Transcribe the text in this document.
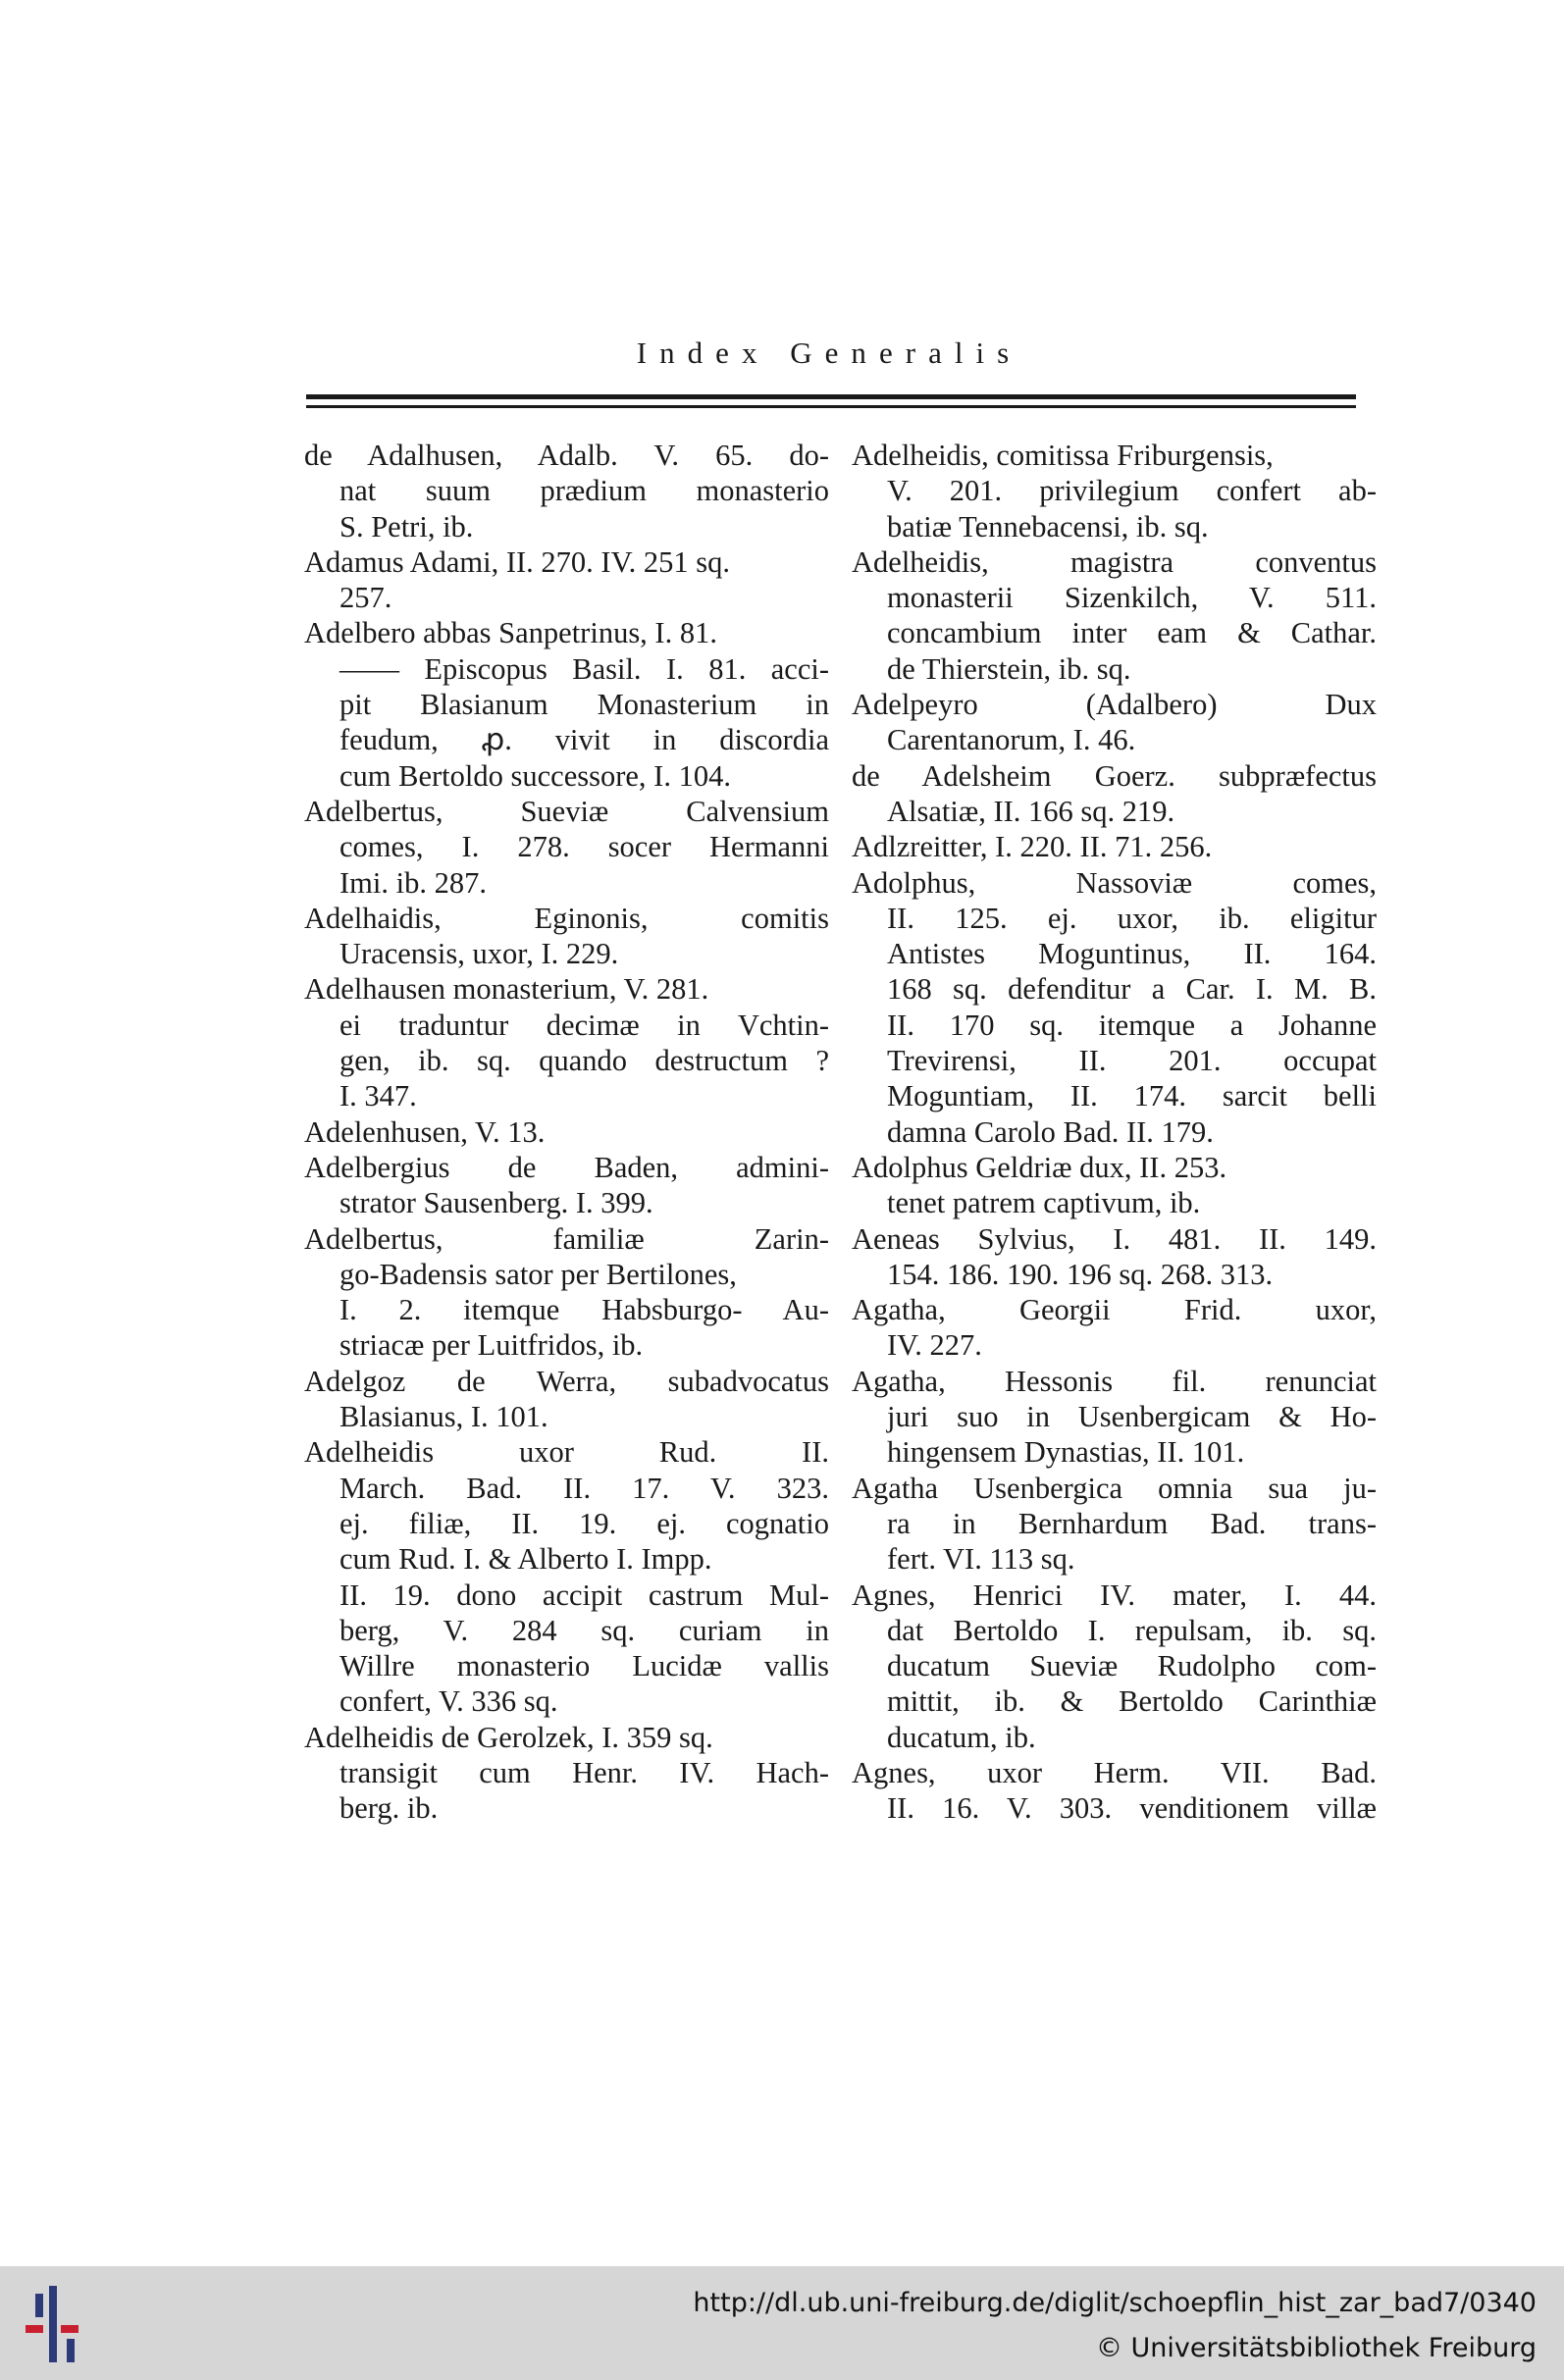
Index Generalis
de Adalhusen, Adalb. V. 65. do-
nat suum prædium monasterio
S. Petri, ib.
Adamus Adami, II. 270. IV. 251 sq.
257.
Adelbero abbas Sanpetrinus, I. 81.
—— Episcopus Basil. I. 81. acci-
pit Blasianum Monasterium in
feudum, ꝓ. vivit in discordia
cum Bertoldo successore, I. 104.
Adelbertus, Sueviæ Calvensium
comes, I. 278. socer Hermanni
Imi. ib. 287.
Adelhaidis, Eginonis, comitis
Uracensis, uxor, I. 229.
Adelhausen monasterium, V. 281.
ei traduntur decimæ in Vchtin-
gen, ib. sq. quando destructum ?
I. 347.
Adelenhusen, V. 13.
Adelbergius de Baden, admini-
strator Sausenberg. I. 399.
Adelbertus, familiæ Zarin-
go-Badensis sator per Bertilones,
I. 2. itemque Habsburgo- Au-
striacæ per Luitfridos, ib.
Adelgoz de Werra, subadvocatus
Blasianus, I. 101.
Adelheidis uxor Rud. II.
March. Bad. II. 17. V. 323.
ej. filiæ, II. 19. ej. cognatio
cum Rud. I. & Alberto I. Impp.
II. 19. dono accipit castrum Mul-
berg, V. 284 sq. curiam in
Willre monasterio Lucidæ vallis
confert, V. 336 sq.
Adelheidis de Gerolzek, I. 359 sq.
transigit cum Henr. IV. Hach-
berg. ib.
Adelheidis, comitissa Friburgensis,
V. 201. privilegium confert ab-
batiæ Tennebacensi, ib. sq.
Adelheidis, magistra conventus
monasterii Sizenkilch, V. 511.
concambium inter eam & Cathar.
de Thierstein, ib. sq.
Adelpeyro (Adalbero) Dux
Carentanorum, I. 46.
de Adelsheim Goerz. subpræfectus
Alsatiæ, II. 166 sq. 219.
Adlzreitter, I. 220. II. 71. 256.
Adolphus, Nassoviæ comes,
II. 125. ej. uxor, ib. eligitur
Antistes Moguntinus, II. 164.
168 sq. defenditur a Car. I. M. B.
II. 170 sq. itemque a Johanne
Trevirensi, II. 201. occupat
Moguntiam, II. 174. sarcit belli
damna Carolo Bad. II. 179.
Adolphus Geldriæ dux, II. 253.
tenet patrem captivum, ib.
Aeneas Sylvius, I. 481. II. 149.
154. 186. 190. 196 sq. 268. 313.
Agatha, Georgii Frid. uxor,
IV. 227.
Agatha, Hessonis fil. renunciat
juri suo in Usenbergicam & Ho-
hingensem Dynastias, II. 101.
Agatha Usenbergica omnia sua ju-
ra in Bernhardum Bad. trans-
fert. VI. 113 sq.
Agnes, Henrici IV. mater, I. 44.
dat Bertoldo I. repulsam, ib. sq.
ducatum Sueviæ Rudolpho com-
mittit, ib. & Bertoldo Carinthiæ
ducatum, ib.
Agnes, uxor Herm. VII. Bad.
II. 16. V. 303. venditionem villæ
http://dl.ub.uni-freiburg.de/diglit/schoepflin_hist_zar_bad7/0340
© Universitätsbibliothek Freiburg
